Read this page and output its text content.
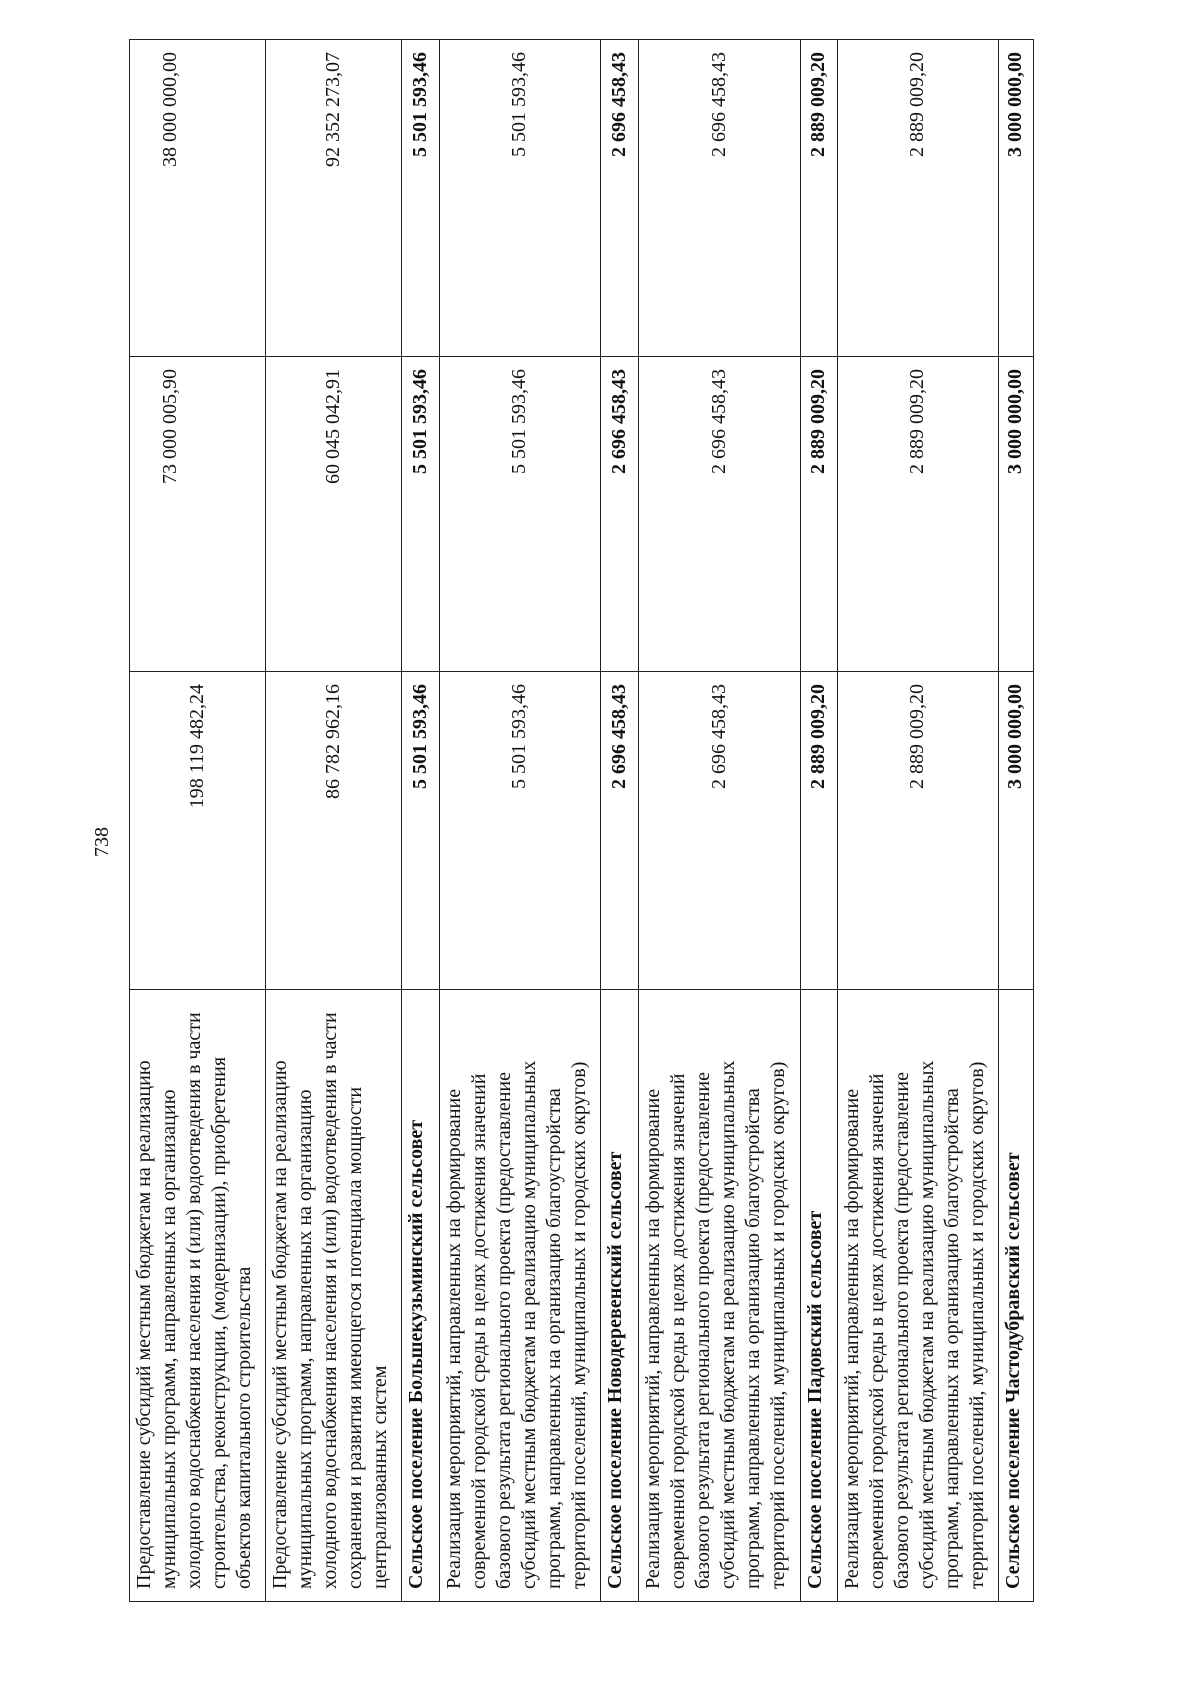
738
Предоставление субсидий местным бюджетам на реализацию муниципальных программ, направленных на организацию холодного водоснабжения населения и (или) водоотведения в части строительства, реконструкции, (модернизации), приобретения объектов капитального строительства	198 119 482,24	73 000 005,90	38 000 000,00
Предоставление субсидий местным бюджетам на реализацию муниципальных программ, направленных на организацию холодного водоснабжения населения и (или) водоотведения в части сохранения и развития имеющегося потенциала мощности централизованных систем	86 782 962,16	60 045 042,91	92 352 273,07
Сельское поселение Большекузьминский сельсовет	5 501 593,46	5 501 593,46	5 501 593,46
Реализация мероприятий, направленных на формирование современной городской среды в целях достижения значений базового результата регионального проекта (предоставление субсидий местным бюджетам на реализацию муниципальных программ, направленных на организацию благоустройства территорий поселений, муниципальных и городских округов)	5 501 593,46	5 501 593,46	5 501 593,46
Сельское поселение Новодеревенский сельсовет	2 696 458,43	2 696 458,43	2 696 458,43
Реализация мероприятий, направленных на формирование современной городской среды в целях достижения значений базового результата регионального проекта (предоставление субсидий местным бюджетам на реализацию муниципальных программ, направленных на организацию благоустройства территорий поселений, муниципальных и городских округов)	2 696 458,43	2 696 458,43	2 696 458,43
Сельское поселение Падовский сельсовет	2 889 009,20	2 889 009,20	2 889 009,20
Реализация мероприятий, направленных на формирование современной городской среды в целях достижения значений базового результата регионального проекта (предоставление субсидий местным бюджетам на реализацию муниципальных программ, направленных на организацию благоустройства территорий поселений, муниципальных и городских округов)	2 889 009,20	2 889 009,20	2 889 009,20
Сельское поселение Частодубравский сельсовет	3 000 000,00	3 000 000,00	3 000 000,00
